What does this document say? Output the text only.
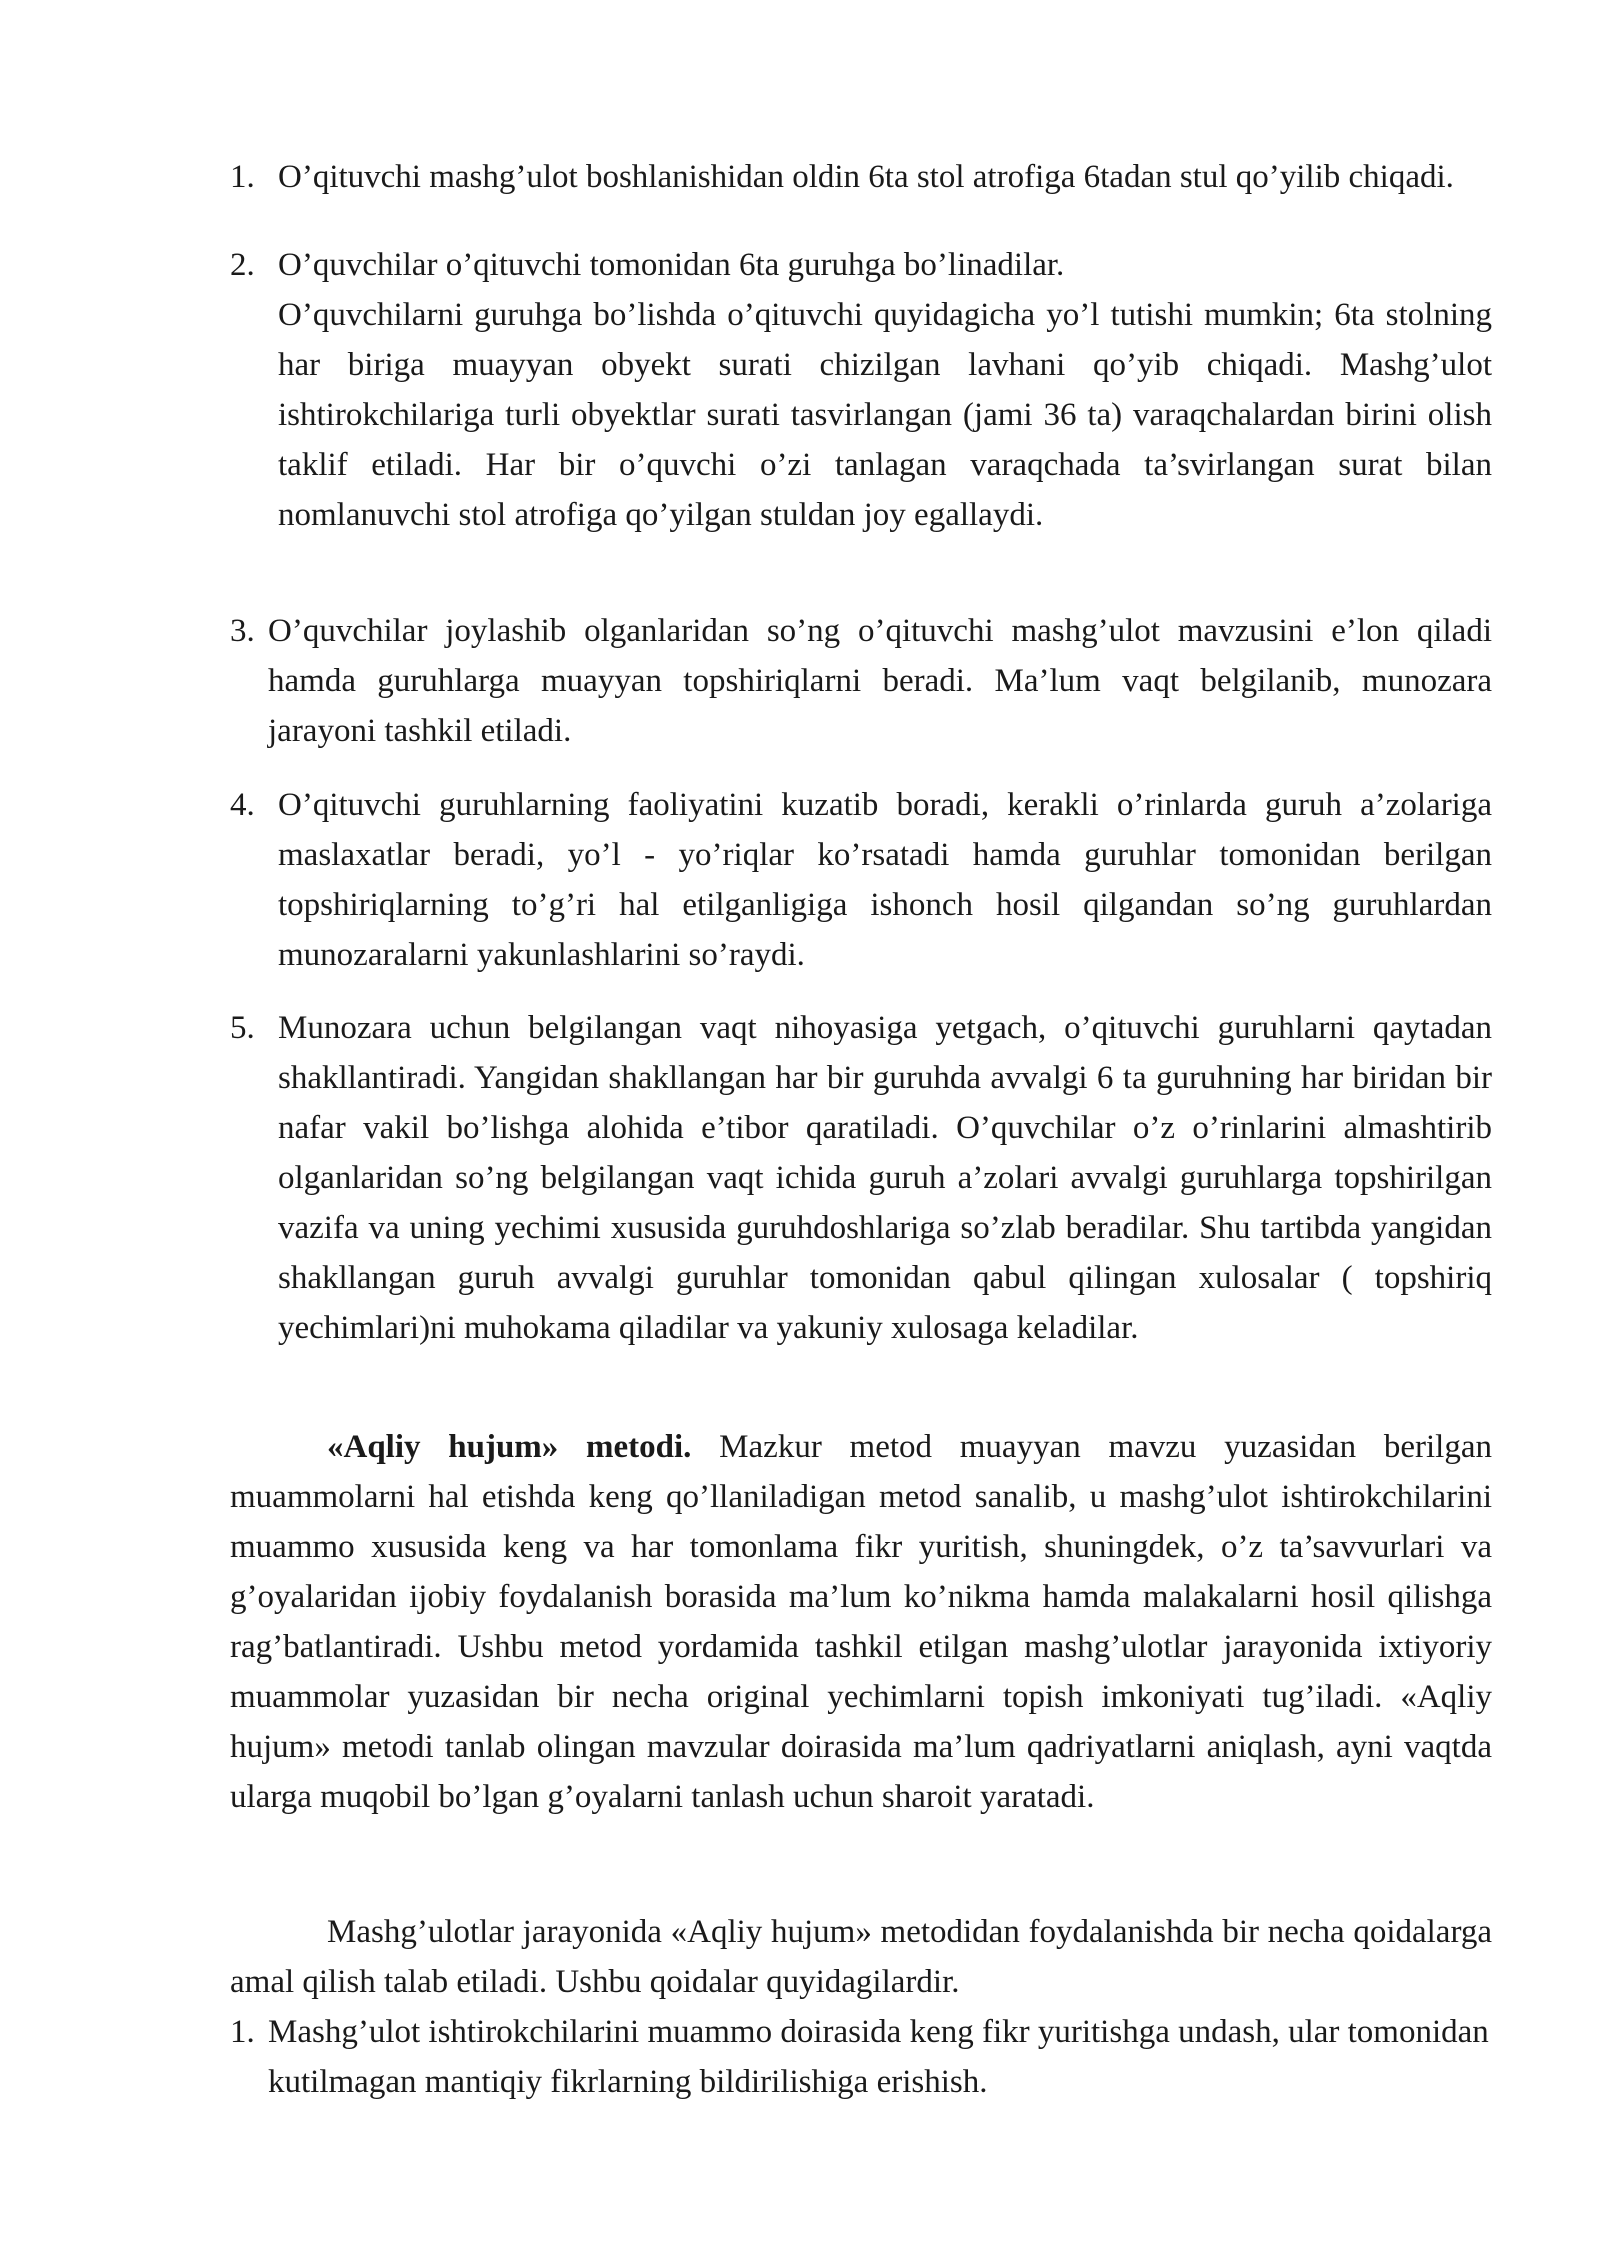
1. O’qituvchi mashg’ulot boshlanishidan oldin 6ta stol atrofiga 6tadan stul qo’yilib chiqadi.
2. O’quvchilar o’qituvchi tomonidan 6ta guruhga bo’linadilar.
O’quvchilarni guruhga bo’lishda o’qituvchi quyidagicha yo’l tutishi mumkin; 6ta stolning har biriga muayyan obyekt surati chizilgan lavhani qo’yib chiqadi. Mashg’ulot ishtirokchilariga turli obyektlar surati tasvirlangan (jami 36 ta) varaqchalardan birini olish taklif etiladi. Har bir o’quvchi o’zi tanlagan varaqchada ta’svirlangan surat bilan nomlanuvchi stol atrofiga qo’yilgan stuldan joy egallaydi.
3. O’quvchilar joylashib olganlaridan so’ng o’qituvchi mashg’ulot mavzusini e’lon qiladi hamda guruhlarga muayyan topshiriqlarni beradi. Ma’lum vaqt belgilanib, munozara jarayoni tashkil etiladi.
4. O’qituvchi guruhlarning faoliyatini kuzatib boradi, kerakli o’rinlarda guruh a’zolariga maslaxatlar beradi, yo’l - yo’riqlar ko’rsatadi hamda guruhlar tomonidan berilgan topshiriqlarning to’g’ri hal etilganligiga ishonch hosil qilgandan so’ng guruhlardan munozaralarni yakunlashlarini so’raydi.
5. Munozara uchun belgilangan vaqt nihoyasiga yetgach, o’qituvchi guruhlarni qaytadan shakllantiradi. Yangidan shakllangan har bir guruhda avvalgi 6 ta guruhning har biridan bir nafar vakil bo’lishga alohida e’tibor qaratiladi. O’quvchilar o’z o’rinlarini almashtirib olganlaridan so’ng belgilangan vaqt ichida guruh a’zolari avvalgi guruhlarga topshirilgan vazifa va uning yechimi xususida guruhdoshlariga so’zlab beradilar. Shu tartibda yangidan shakllangan guruh avvalgi guruhlar tomonidan qabul qilingan xulosalar ( topshiriq yechimlari)ni muhokama qiladilar va yakuniy xulosaga keladilar.

«Aqliy hujum» metodi. Mazkur metod muayyan mavzu yuzasidan berilgan muammolarni hal etishda keng qo’llaniladigan metod sanalib, u mashg’ulot ishtirokchilarini muammo xususida keng va har tomonlama fikr yuritish, shuningdek, o’z ta’savvurlari va g’oyalaridan ijobiy foydalanish borasida ma’lum ko’nikma hamda malakalarni hosil qilishga rag’batlantiradi. Ushbu metod yordamida tashkil etilgan mashg’ulotlar jarayonida ixtiyoriy muammolar yuzasidan bir necha original yechimlarni topish imkoniyati tug’iladi. «Aqliy hujum» metodi tanlab olingan mavzular doirasida ma’lum qadriyatlarni aniqlash, ayni vaqtda ularga muqobil bo’lgan g’oyalarni tanlash uchun sharoit yaratadi.

Mashg’ulotlar jarayonida «Aqliy hujum» metodidan foydalanishda bir necha qoidalarga amal qilish talab etiladi. Ushbu qoidalar quyidagilardir.

1. Mashg’ulot ishtirokchilarini muammo doirasida keng fikr yuritishga undash, ular tomonidan kutilmagan mantiqiy fikrlarning bildirilishiga erishish.
